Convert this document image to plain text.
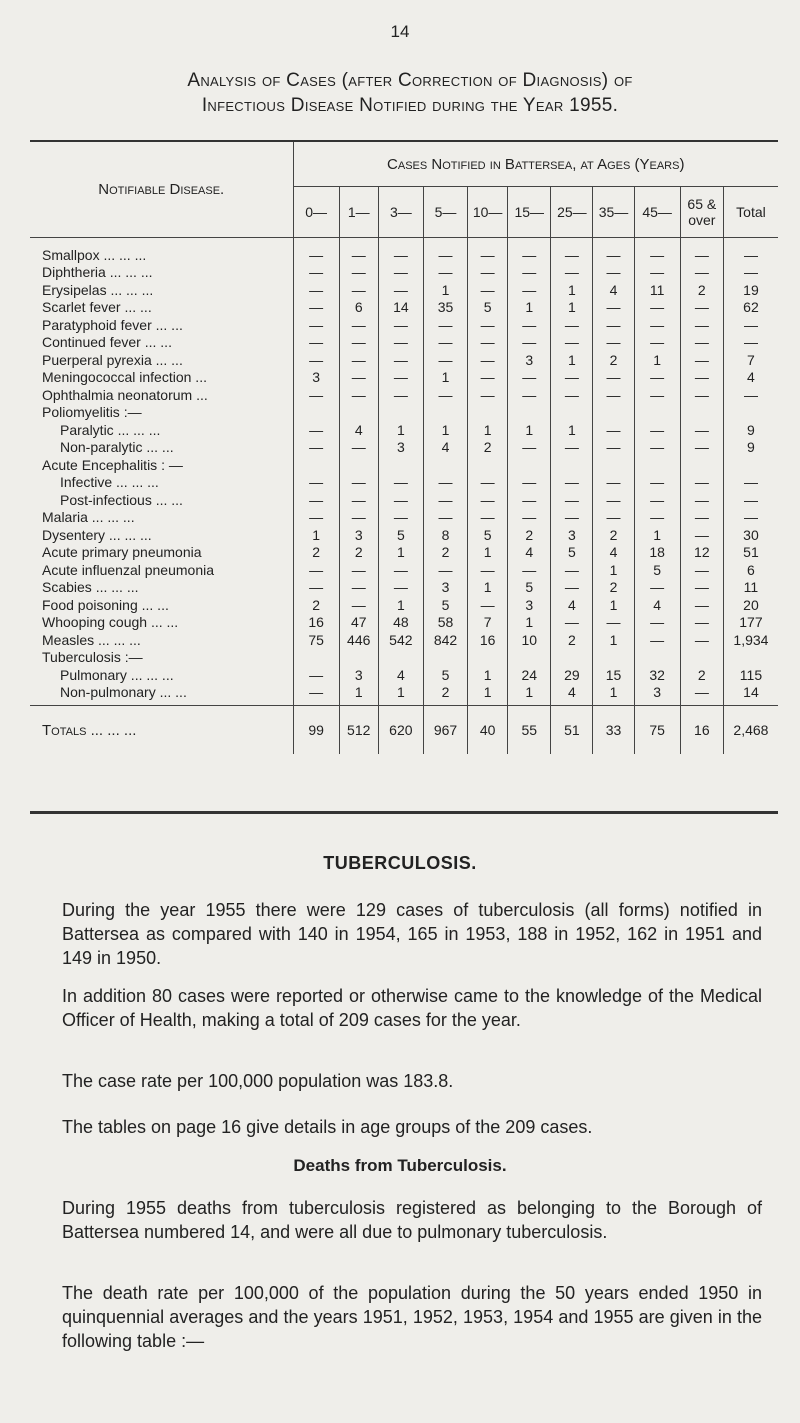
14
Analysis of Cases (after Correction of Diagnosis) of
Infectious Disease Notified during the Year 1955.
Notifiable Disease.	Cases Notified in Battersea, at Ages (Years)										
	0—	1—	3—	5—	10—	15—	25—	35—	45—	65 & over	Total
Smallpox ... ... ...	—	—	—	—	—	—	—	—	—	—	—
Diphtheria ... ... ...	—	—	—	—	—	—	—	—	—	—	—
Erysipelas ... ... ...	—	—	—	1	—	—	1	4	11	2	19
Scarlet fever ... ...	—	6	14	35	5	1	1	—	—	—	62
Paratyphoid fever ... ...	—	—	—	—	—	—	—	—	—	—	—
Continued fever ... ...	—	—	—	—	—	—	—	—	—	—	—
Puerperal pyrexia ... ...	—	—	—	—	—	3	1	2	1	—	7
Meningococcal infection ...	3	—	—	1	—	—	—	—	—	—	4
Ophthalmia neonatorum ...	—	—	—	—	—	—	—	—	—	—	—
Poliomyelitis :—											
Paralytic ... ... ...	—	4	1	1	1	1	1	—	—	—	9
Non-paralytic ... ...	—	—	3	4	2	—	—	—	—	—	9
Acute Encephalitis : —											
Infective ... ... ...	—	—	—	—	—	—	—	—	—	—	—
Post-infectious ... ...	—	—	—	—	—	—	—	—	—	—	—
Malaria ... ... ...	—	—	—	—	—	—	—	—	—	—	—
Dysentery ... ... ...	1	3	5	8	5	2	3	2	1	—	30
Acute primary pneumonia	2	2	1	2	1	4	5	4	18	12	51
Acute influenzal pneumonia	—	—	—	—	—	—	—	1	5	—	6
Scabies ... ... ...	—	—	—	3	1	5	—	2	—	—	11
Food poisoning ... ...	2	—	1	5	—	3	4	1	4	—	20
Whooping cough ... ...	16	47	48	58	7	1	—	—	—	—	177
Measles ... ... ...	75	446	542	842	16	10	2	1	—	—	1,934
Tuberculosis :—											
Pulmonary ... ... ...	—	3	4	5	1	24	29	15	32	2	115
Non-pulmonary ... ...	—	1	1	2	1	1	4	1	3	—	14
Totals ... ... ...	99	512	620	967	40	55	51	33	75	16	2,468
TUBERCULOSIS.
During the year 1955 there were 129 cases of tuberculosis (all forms) notified in Battersea as compared with 140 in 1954, 165 in 1953, 188 in 1952, 162 in 1951 and 149 in 1950.
In addition 80 cases were reported or otherwise came to the knowledge of the Medical Officer of Health, making a total of 209 cases for the year.
The case rate per 100,000 population was 183.8.
The tables on page 16 give details in age groups of the 209 cases.
Deaths from Tuberculosis.
During 1955 deaths from tuberculosis registered as belonging to the Borough of Battersea numbered 14, and were all due to pulmonary tuberculosis.
The death rate per 100,000 of the population during the 50 years ended 1950 in quinquennial averages and the years 1951, 1952, 1953, 1954 and 1955 are given in the following table :—
